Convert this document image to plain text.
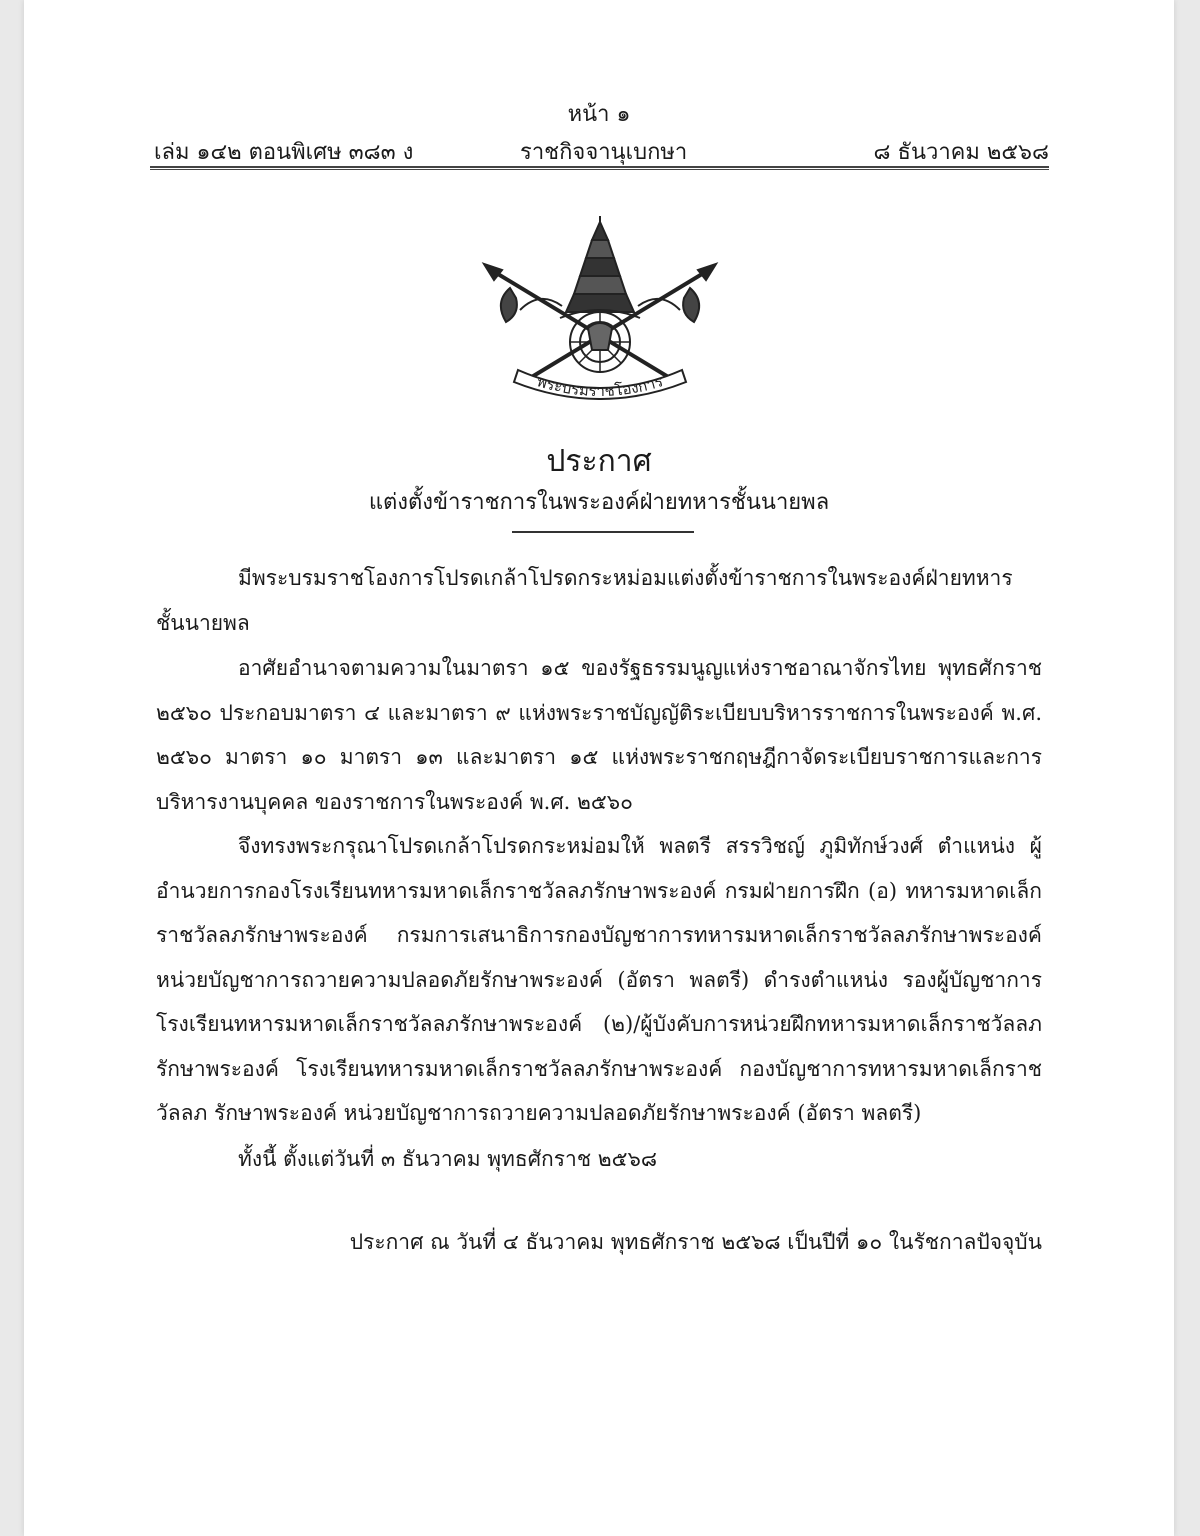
หน้า ๑
เล่ม ๑๔๒ ตอนพิเศษ ๓๘๓ ง	ราชกิจจานุเบกษา	๘ ธันวาคม ๒๕๖๘
พระบรมราชโองการ
ประกาศ
แต่งตั้งข้าราชการในพระองค์ฝ่ายทหารชั้นนายพล
มีพระบรมราชโองการโปรดเกล้าโปรดกระหม่อมแต่งตั้งข้าราชการในพระองค์ฝ่ายทหาร ชั้นนายพล
อาศัยอำนาจตามความในมาตรา ๑๕ ของรัฐธรรมนูญแห่งราชอาณาจักรไทย พุทธศักราช ๒๕๖๐ ประกอบมาตรา ๔ และมาตรา ๙ แห่งพระราชบัญญัติระเบียบบริหารราชการในพระองค์ พ.ศ. ๒๕๖๐ มาตรา ๑๐ มาตรา ๑๓ และมาตรา ๑๕ แห่งพระราชกฤษฎีกาจัดระเบียบราชการและการบริหารงานบุคคล ของราชการในพระองค์ พ.ศ. ๒๕๖๐
จึงทรงพระกรุณาโปรดเกล้าโปรดกระหม่อมให้ พลตรี สรรวิชญ์ ภูมิทักษ์วงศ์ ตำแหน่ง ผู้อำนวยการกองโรงเรียนทหารมหาดเล็กราชวัลลภรักษาพระองค์ กรมฝ่ายการฝึก (อ) ทหารมหาดเล็ก ราชวัลลภรักษาพระองค์ กรมการเสนาธิการกองบัญชาการทหารมหาดเล็กราชวัลลภรักษาพระองค์ หน่วยบัญชาการถวายความปลอดภัยรักษาพระองค์ (อัตรา พลตรี) ดำรงตำแหน่ง รองผู้บัญชาการ โรงเรียนทหารมหาดเล็กราชวัลลภรักษาพระองค์ (๒)/ผู้บังคับการหน่วยฝึกทหารมหาดเล็กราชวัลลภ รักษาพระองค์ โรงเรียนทหารมหาดเล็กราชวัลลภรักษาพระองค์ กองบัญชาการทหารมหาดเล็กราชวัลลภ รักษาพระองค์ หน่วยบัญชาการถวายความปลอดภัยรักษาพระองค์ (อัตรา พลตรี)
ทั้งนี้ ตั้งแต่วันที่ ๓ ธันวาคม พุทธศักราช ๒๕๖๘
ประกาศ ณ วันที่ ๔ ธันวาคม พุทธศักราช ๒๕๖๘ เป็นปีที่ ๑๐ ในรัชกาลปัจจุบัน
